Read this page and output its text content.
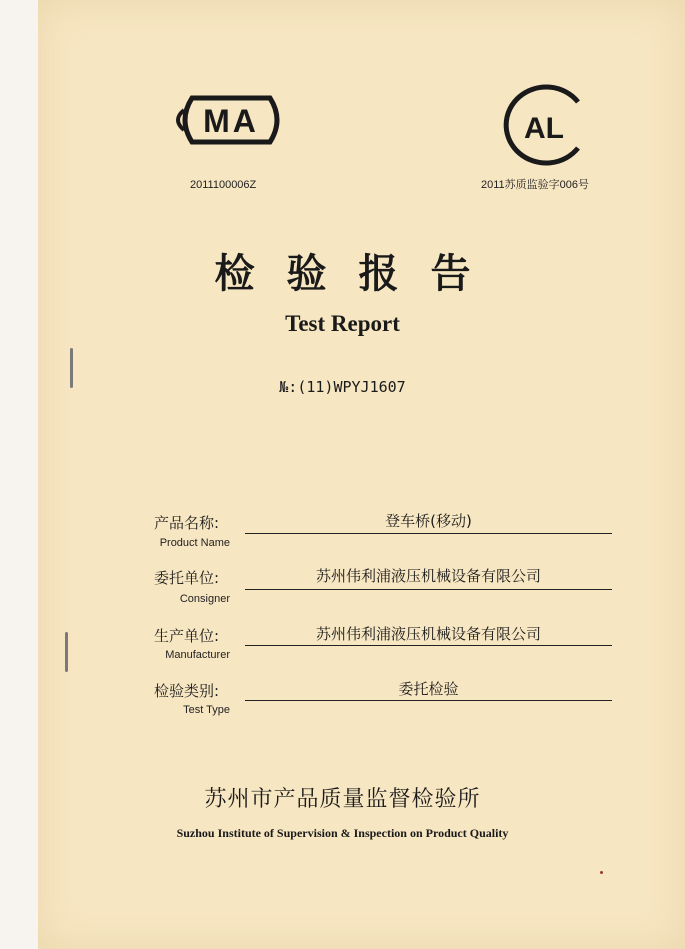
MA
2011100006Z
AL
2011苏质监验字006号
检验报告
Test Report
№:(11)WPYJ1607
产品名称:
Product Name
登车桥(移动)
委托单位:
Consigner
苏州伟利浦液压机械设备有限公司
生产单位:
Manufacturer
苏州伟利浦液压机械设备有限公司
检验类别:
Test Type
委托检验
苏州市产品质量监督检验所
Suzhou Institute of Supervision & Inspection on Product Quality
